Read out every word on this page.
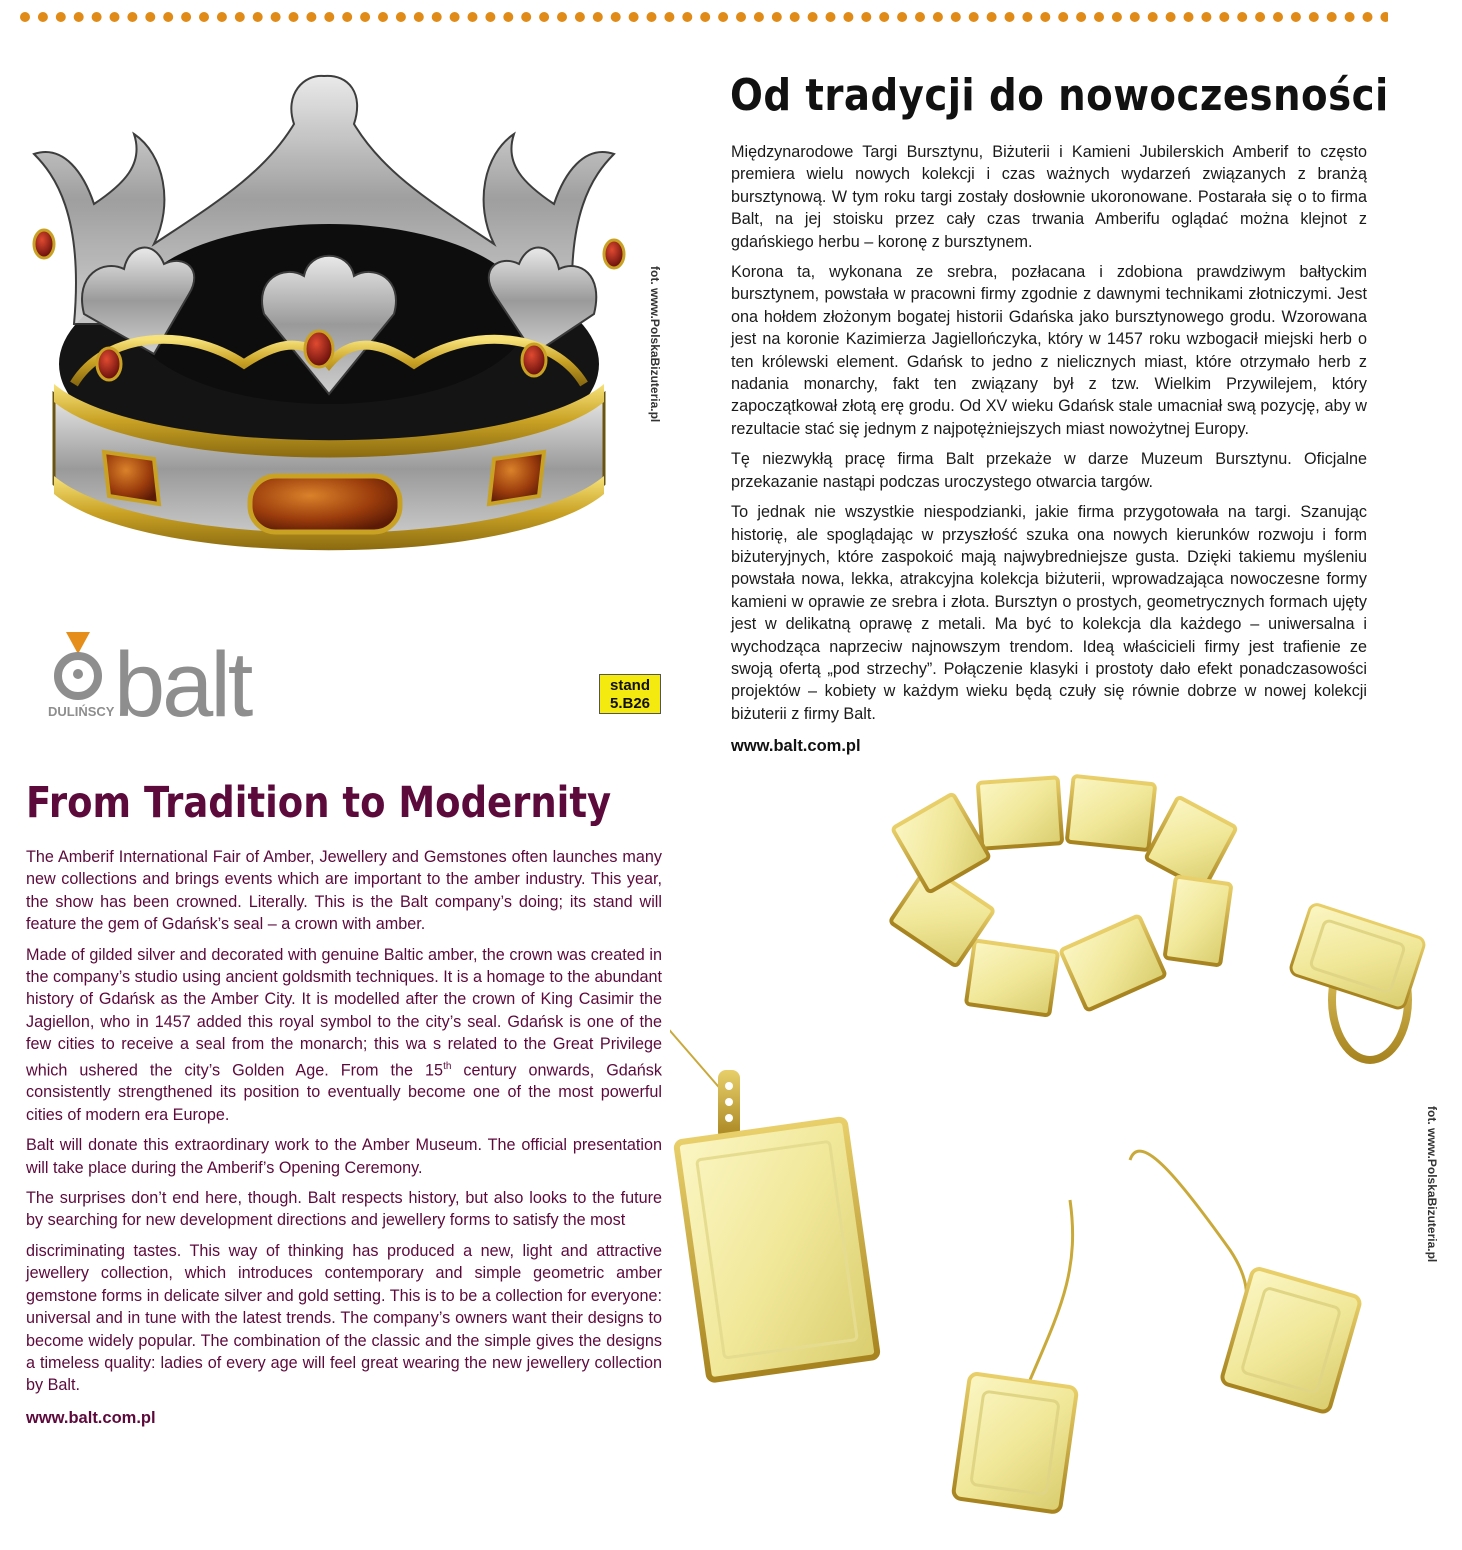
fot. www.PolskaBizuteria.pl
balt
DULIŃSCY
stand
5.B26
Od tradycji do nowoczesności

Międzynarodowe Targi Bursztynu, Biżuterii i Kamieni Jubilerskich Amberif to często premiera wielu nowych kolekcji i czas ważnych wydarzeń związanych z branżą bursztynową. W tym roku targi zostały dosłownie ukoronowane. Postarała się o to firma Balt, na jej stoisku przez cały czas trwania Amberifu oglądać można klejnot z gdańskiego herbu – koronę z bursztynem.

Korona ta, wykonana ze srebra, pozłacana i zdobiona prawdziwym bałtyckim bursztynem, powstała w pracowni firmy zgodnie z dawnymi technikami złotniczymi. Jest ona hołdem złożonym bogatej historii Gdańska jako bursztynowego grodu. Wzorowana jest na koronie Kazimierza Jagiellończyka, który w 1457 roku wzbogacił miejski herb o ten królewski element. Gdańsk to jedno z nielicznych miast, które otrzymało herb z nadania monarchy, fakt ten związany był z tzw. Wielkim Przywilejem, który zapoczątkował złotą erę grodu. Od XV wieku Gdańsk stale umacniał swą pozycję, aby w rezultacie stać się jednym z najpotężniejszych miast nowożytnej Europy.

Tę niezwykłą pracę firma Balt przekaże w darze Muzeum Bursztynu. Oficjalne przekazanie nastąpi podczas uroczystego otwarcia targów.

To jednak nie wszystkie niespodzianki, jakie firma przygotowała na targi. Szanując historię, ale spoglądając w przyszłość szuka ona nowych kierunków rozwoju i form biżuteryjnych, które zaspokoić mają najwybredniejsze gusta. Dzięki takiemu myśleniu powstała nowa, lekka, atrakcyjna kolekcja biżuterii, wprowadzająca nowoczesne formy kamieni w oprawie ze srebra i złota. Bursztyn o prostych, geometrycznych formach ujęty jest w delikatną oprawę z metali. Ma być to kolekcja dla każdego – uniwersalna i wychodząca naprzeciw najnowszym trendom. Ideą właścicieli firmy jest trafienie ze swoją ofertą „pod strzechy”. Połączenie klasyki i prostoty dało efekt ponadczasowości projektów – kobiety w każdym wieku będą czuły się równie dobrze w nowej kolekcji biżuterii z firmy Balt.

www.balt.com.pl
From Tradition to Modernity

The Amberif International Fair of Amber, Jewellery and Gemstones often launches many new collections and brings events which are important to the amber industry. This year, the show has been crowned. Literally. This is the Balt company’s doing; its stand will feature the gem of Gdańsk’s seal – a crown with amber.

Made of gilded silver and decorated with genuine Baltic amber, the crown was created in the company’s studio using ancient goldsmith techniques. It is a homage to the abundant history of Gdańsk as the Amber City. It is modelled after the crown of King Casimir the Jagiellon, who in 1457 added this royal symbol to the city’s seal. Gdańsk is one of the few cities to receive a seal from the monarch; this wa s related to the Great Privilege which ushered the city’s Golden Age. From the 15th century onwards, Gdańsk consistently strengthened its position to eventually become one of the most powerful cities of modern era Europe.

Balt will donate this extraordinary work to the Amber Museum. The official presentation will take place during the Amberif’s Opening Ceremony.

The surprises don’t end here, though. Balt respects history, but also looks to the future by searching for new development directions and jewellery forms to satisfy the most

discriminating tastes. This way of thinking has produced a new, light and attractive jewellery collection, which introduces contemporary and simple geometric amber gemstone forms in delicate silver and gold setting. This is to be a collection for everyone: universal and in tune with the latest trends. The company’s owners want their designs to become widely popular. The combination of the classic and the simple gives the designs a timeless quality: ladies of every age will feel great wearing the new jewellery collection by Balt.

www.balt.com.pl
fot. www.PolskaBizuteria.pl
